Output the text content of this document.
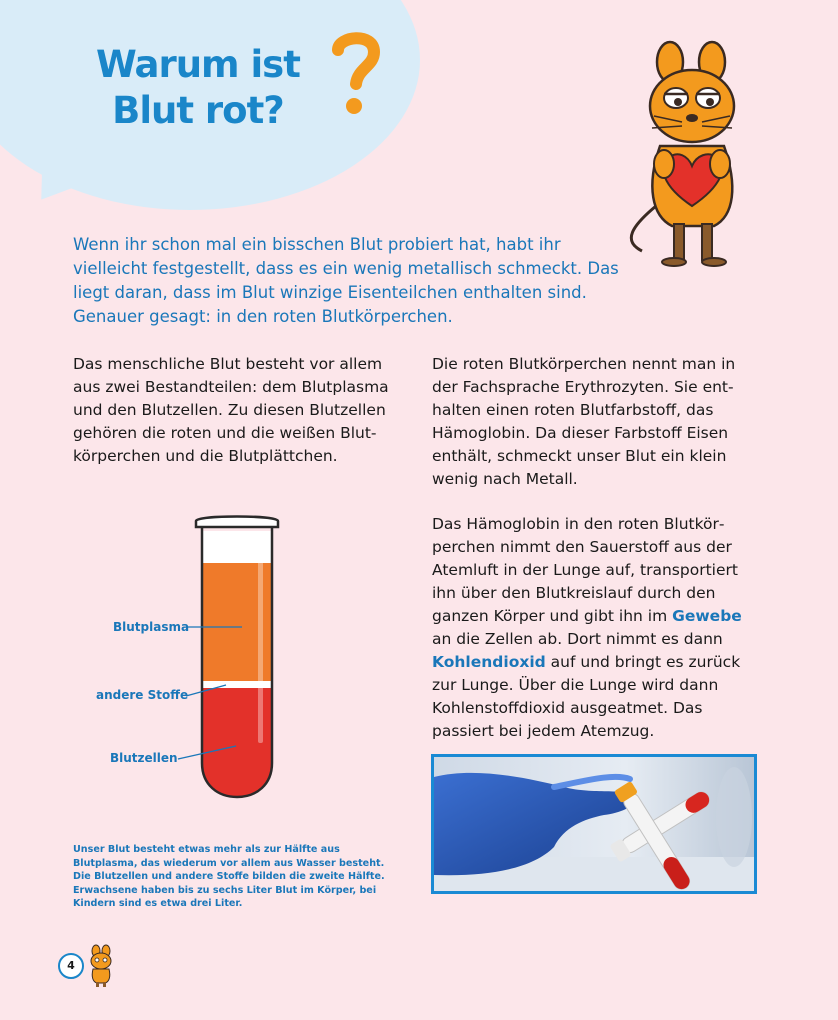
Warum ist
Blut rot?

Wenn ihr schon mal ein bisschen Blut probiert hat, habt ihr vielleicht festgestellt, dass es ein wenig metallisch schmeckt. Das liegt daran, dass im Blut winzige Eisenteilchen enthalten sind. Genauer gesagt: in den roten Blutkörperchen.

Das menschliche Blut besteht vor allem aus zwei Bestandteilen: dem Blutplasma und den Blutzellen. Zu diesen Blutzellen gehören die roten und die weißen Blutkörperchen und die Blutplättchen.

Die roten Blutkörperchen nennt man in der Fachsprache Erythrozyten. Sie enthalten einen roten Blutfarbstoff, das Hämoglobin. Da dieser Farbstoff Eisen enthält, schmeckt unser Blut ein klein wenig nach Metall.

Das Hämoglobin in den roten Blutkörperchen nimmt den Sauerstoff aus der Atemluft in der Lunge auf, transportiert ihn über den Blutkreislauf durch den ganzen Körper und gibt ihn im Gewebe an die Zellen ab. Dort nimmt es dann Kohlendioxid auf und bringt es zurück zur Lunge. Über die Lunge wird dann Kohlenstoffdioxid ausgeatmet. Das passiert bei jedem Atemzug.

Blutplasma
andere Stoffe
Blutzellen

Unser Blut besteht etwas mehr als zur Hälfte aus Blutplasma, das wiederum vor allem aus Wasser besteht. Die Blutzellen und andere Stoffe bilden die zweite Hälfte. Erwachsene haben bis zu sechs Liter Blut im Körper, bei Kindern sind es etwa drei Liter.

4
